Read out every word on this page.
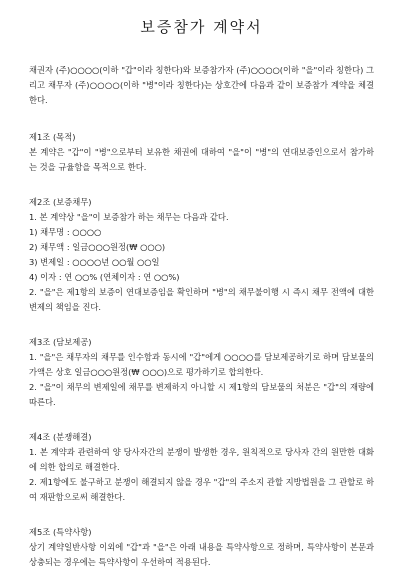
보증참가 계약서

채권자 (주)○○○○(이하 "갑"이라 칭한다)와 보증참가자 (주)○○○○(이하 "을"이라 칭한다) 그리고 채무자 (주)○○○○(이하 "병"이라 칭한다)는 상호간에 다음과 같이 보증참가 계약을 체결한다.

제1조 (목적)

본 계약은 "갑"이 "병"으로부터 보유한 채권에 대하여 "을"이 "병"의 연대보증인으로서 참가하는 것을 규율함을 목적으로 한다.

제2조 (보증채무)

1. 본 계약상 "을"이 보증참가 하는 채무는 다음과 같다.

1) 채무명 : ○○○○

2) 채무액 : 일금○○○원정(₩ ○○○)

3) 변제일 : ○○○○년 ○○월 ○○일

4) 이자 : 연 ○○% (연체이자 : 연 ○○%)

2. "을"은 제1항의 보증이 연대보증임을 확인하며 "병"의 채무불이행 시 즉시 채무 전액에 대한 변제의 책임을 진다.

제3조 (담보제공)

1. "을"은 채무자의 채무를 인수함과 동시에 "갑"에게 ○○○○를 담보제공하기로 하며 담보물의 가액은 상호 일금○○○원정(₩ ○○○)으로 평가하기로 합의한다.

2. "을"이 채무의 변제일에 채무를 변제하지 아니할 시 제1항의 담보물의 처분은 "갑"의 재량에 따른다.

제4조 (분쟁해결)

1. 본 계약과 관련하여 양 당사자간의 분쟁이 발생한 경우, 원칙적으로 당사자 간의 원만한 대화에 의한 합의로 해결한다.

2. 제1항에도 불구하고 분쟁이 해결되지 않을 경우 "갑"의 주소지 관할 지방법원을 그 관할로 하여 재판함으로써 해결한다.

제5조 (특약사항)

상기 계약일반사항 이외에 "갑"과 "을"은 아래 내용을 특약사항으로 정하며, 특약사항이 본문과 상충되는 경우에는 특약사항이 우선하여 적용된다.
